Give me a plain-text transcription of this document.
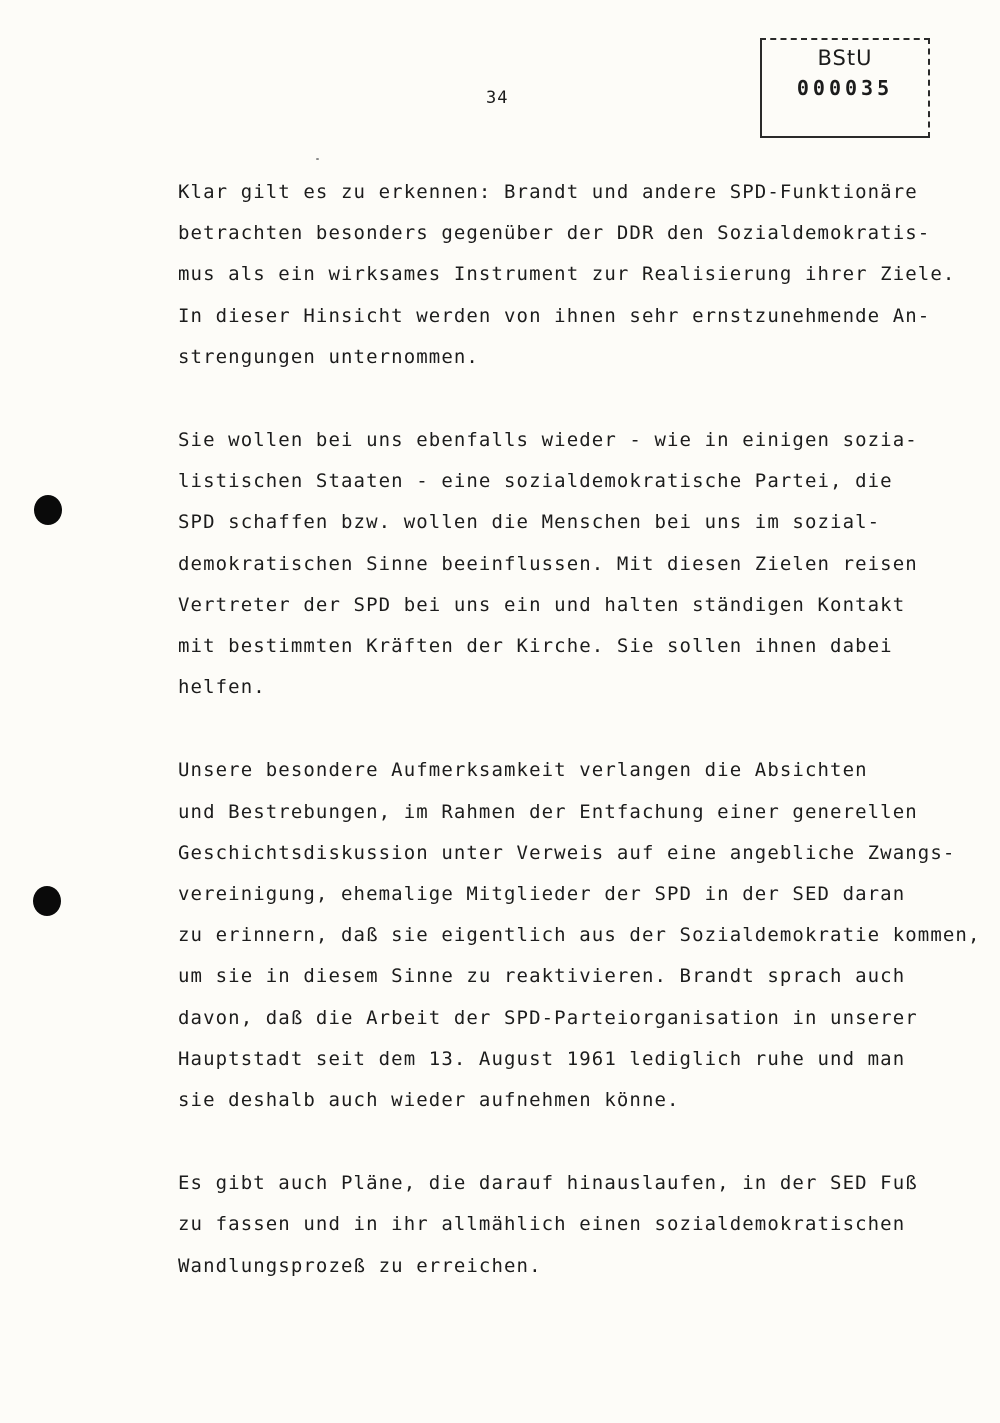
34
BStU
000035
Klar gilt es zu erkennen: Brandt und andere SPD-Funktionäre
betrachten besonders gegenüber der DDR den Sozialdemokratis-
mus als ein wirksames Instrument zur Realisierung ihrer Ziele.
In dieser Hinsicht werden von ihnen sehr ernstzunehmende An-
strengungen unternommen.
Sie wollen bei uns ebenfalls wieder - wie in einigen sozia-
listischen Staaten - eine sozialdemokratische Partei, die
SPD schaffen bzw. wollen die Menschen bei uns im sozial-
demokratischen Sinne beeinflussen. Mit diesen Zielen reisen
Vertreter der SPD bei uns ein und halten ständigen Kontakt
mit bestimmten Kräften der Kirche. Sie sollen ihnen dabei
helfen.
Unsere besondere Aufmerksamkeit verlangen die Absichten
und Bestrebungen, im Rahmen der Entfachung einer generellen
Geschichtsdiskussion unter Verweis auf eine angebliche Zwangs-
vereinigung, ehemalige Mitglieder der SPD in der SED daran
zu erinnern, daß sie eigentlich aus der Sozialdemokratie kommen,
um sie in diesem Sinne zu reaktivieren. Brandt sprach auch
davon, daß die Arbeit der SPD-Parteiorganisation in unserer
Hauptstadt seit dem 13. August 1961 lediglich ruhe und man
sie deshalb auch wieder aufnehmen könne.
Es gibt auch Pläne, die darauf hinauslaufen, in der SED Fuß
zu fassen und in ihr allmählich einen sozialdemokratischen
Wandlungsprozeß zu erreichen.
